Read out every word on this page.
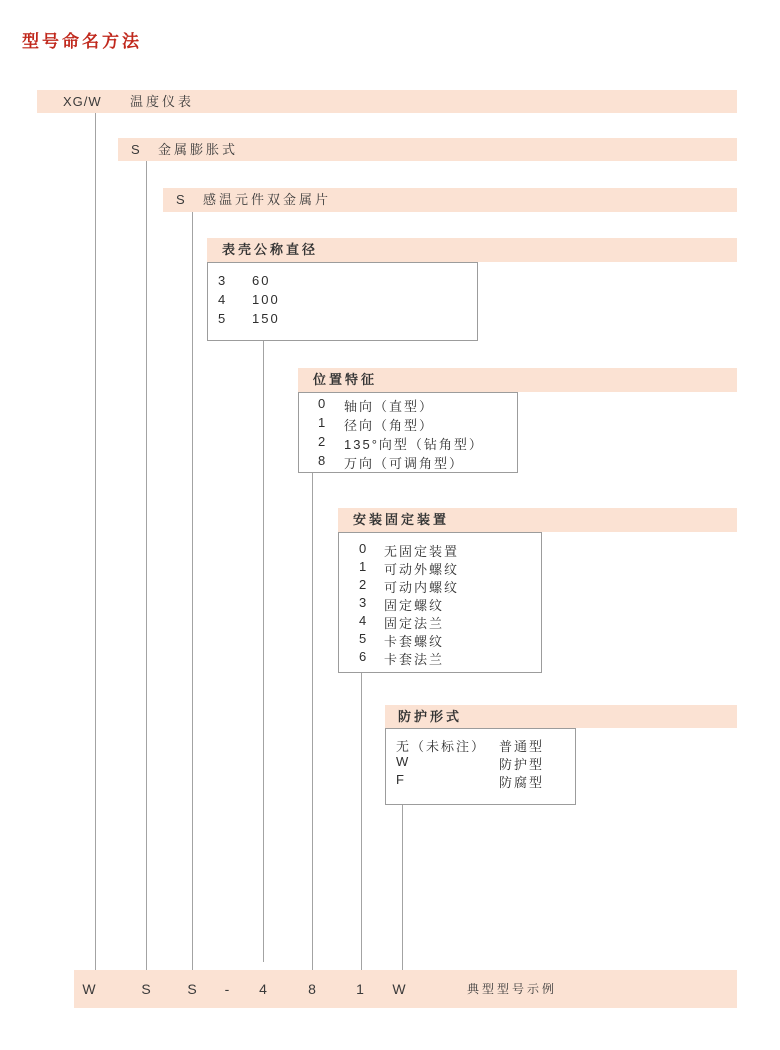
型号命名方法
XG/W 温度仪表
S 金属膨胀式
S 感温元件双金属片
表壳公称直径
3 60
4 100
5 150
位置特征
0 轴向（直型）
1 径向（角型）
2 135°向型（钻角型）
8 万向（可调角型）
安装固定装置
0 无固定装置
1 可动外螺纹
2 可动内螺纹
3 固定螺纹
4 固定法兰
5 卡套螺纹
6 卡套法兰
防护形式
无（未标注） 普通型
W	防护型
F	防腐型
W	S	S - 4	8	1 W	典型型号示例
